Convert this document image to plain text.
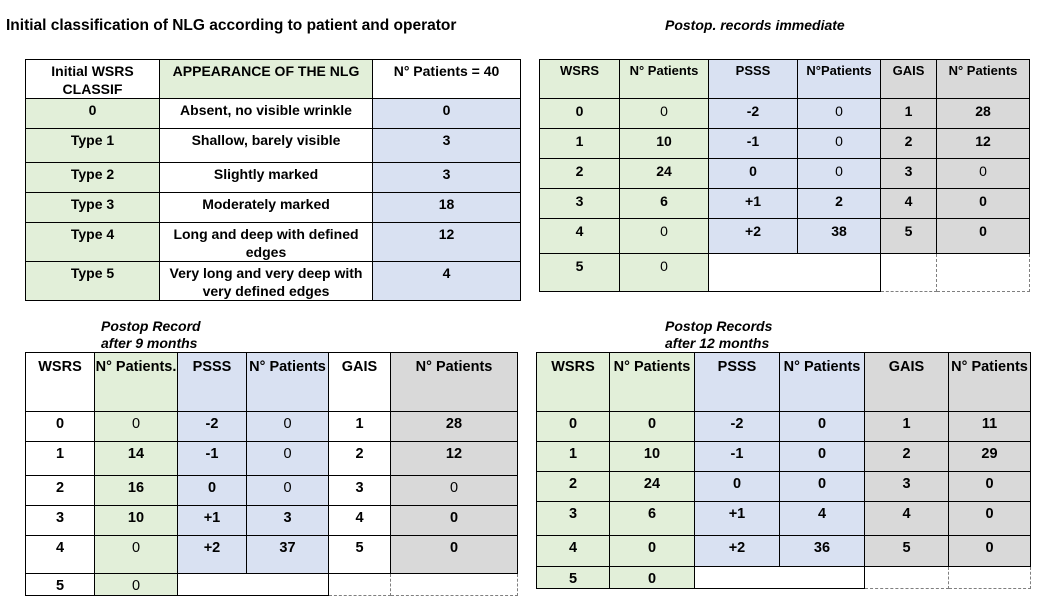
Initial classification of NLG according to patient and operator
Initial WSRS CLASSIF	APPEARANCE OF THE NLG	N° Patients = 40
0	Absent, no visible wrinkle	0
Type 1	Shallow, barely visible	3
Type 2	Slightly marked	3
Type 3	Moderately marked	18
Type 4	Long and deep with defined edges	12
Type 5	Very long and very deep with very defined edges	4
Postop. records immediate
WSRS	N° Patients	PSSS	N°Patients	GAIS	N° Patients
0	0	-2	0	1	28
1	10	-1	0	2	12
2	24	0	0	3	0
3	6	+1	2	4	0
4	0	+2	38	5	0
5	0				
Postop Record
after 9 months
WSRS	N° Patients.	PSSS	N° Patients	GAIS	N° Patients
0	0	-2	0	1	28
1	14	-1	0	2	12
2	16	0	0	3	0
3	10	+1	3	4	0
4	0	+2	37	5	0
5	0				
Postop Records
after 12 months
WSRS	N° Patients	PSSS	N° Patients	GAIS	N° Patients
0	0	-2	0	1	11
1	10	-1	0	2	29
2	24	0	0	3	0
3	6	+1	4	4	0
4	0	+2	36	5	0
5	0				
